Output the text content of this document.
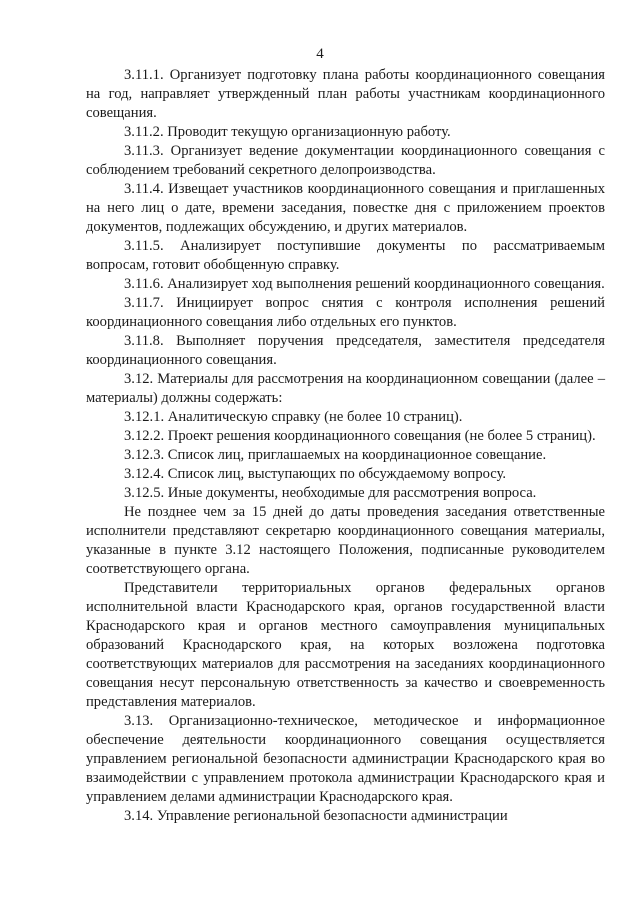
4

3.11.1. Организует подготовку плана работы координационного совещания на год, направляет утвержденный план работы участникам координационного совещания.

3.11.2. Проводит текущую организационную работу.

3.11.3. Организует ведение документации координационного совещания с соблюдением требований секретного делопроизводства.

3.11.4. Извещает участников координационного совещания и приглашенных на него лиц о дате, времени заседания, повестке дня с приложением проектов документов, подлежащих обсуждению, и других материалов.

3.11.5. Анализирует поступившие документы по рассматриваемым вопросам, готовит обобщенную справку.

3.11.6. Анализирует ход выполнения решений координационного совещания.

3.11.7. Инициирует вопрос снятия с контроля исполнения решений координационного совещания либо отдельных его пунктов.

3.11.8. Выполняет поручения председателя, заместителя председателя координационного совещания.

3.12. Материалы для рассмотрения на координационном совещании (далее – материалы) должны содержать:

3.12.1. Аналитическую справку (не более 10 страниц).

3.12.2. Проект решения координационного совещания (не более 5 страниц).

3.12.3. Список лиц, приглашаемых на координационное совещание.

3.12.4. Список лиц, выступающих по обсуждаемому вопросу.

3.12.5. Иные документы, необходимые для рассмотрения вопроса.

Не позднее чем за 15 дней до даты проведения заседания ответственные исполнители представляют секретарю координационного совещания материалы, указанные в пункте 3.12 настоящего Положения, подписанные руководителем соответствующего органа.

Представители территориальных органов федеральных органов исполнительной власти Краснодарского края, органов государственной власти Краснодарского края и органов местного самоуправления муниципальных образований Краснодарского края, на которых возложена подготовка соответствующих материалов для рассмотрения на заседаниях координационного совещания несут персональную ответственность за качество и своевременность представления материалов.

3.13. Организационно-техническое, методическое и информационное обеспечение деятельности координационного совещания осуществляется управлением региональной безопасности администрации Краснодарского края во взаимодействии с управлением протокола администрации Краснодарского края и управлением делами администрации Краснодарского края.

3.14. Управление региональной безопасности администрации
